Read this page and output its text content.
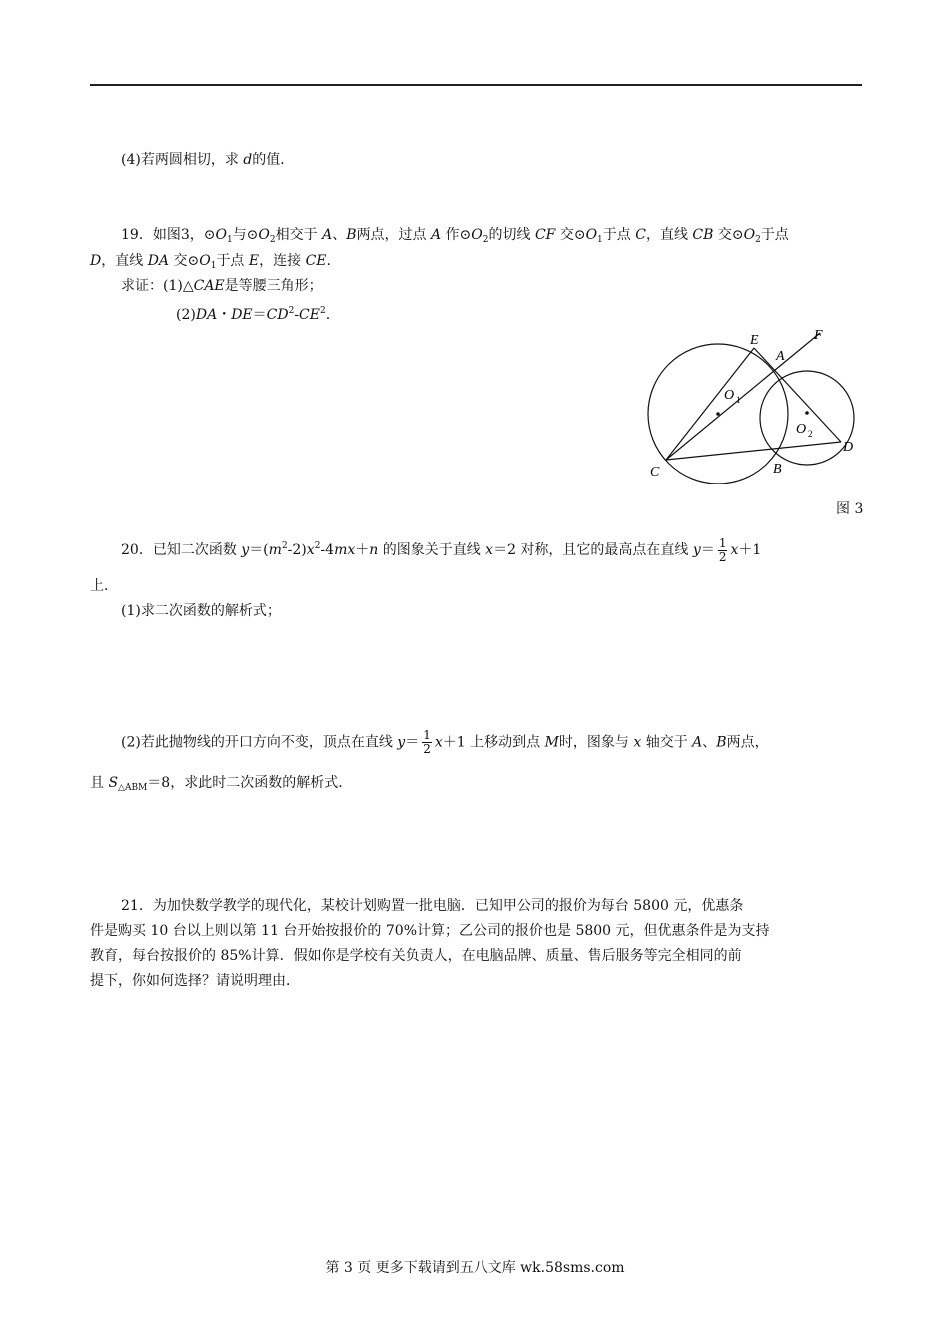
(4)若两圆相切，求 d的值．
19．如图3，$⊙O_1$与$⊙O_2$相交于 A、B两点，过点 A 作$⊙O_2$的切线 CF 交$⊙O_1$于点 C，直线 CB 交$⊙O_2$于点
D，直线 DA 交$⊙O_1$于点 E，连接 CE.
求证：(1)△CAE是等腰三角形；
(2)DA・$DE=CD^2-CE^2$.
E
A
F
O 1
O 2
C	B
D
图 3
20．已知二次函数 $y=(m^2-2)x^2-4mx+n$ 的图象关于直线 x＝2 对称，且它的最高点在直线 $y= \frac{1}{2} x+1$
上．
(1)求二次函数的解析式；
(2)若此抛物线的开口方向不变，顶点在直线 $y= \frac{1}{2} x+1$ 上移动到点 M时，图象与 x 轴交于 A、B两点，
且 $S_{\triangle ABM}=8$，求此时二次函数的解析式．
21．为加快数学教学的现代化，某校计划购置一批电脑．已知甲公司的报价为每台 5800 元，优惠条
件是购买 10 台以上则以第 11 台开始按报价的 70%计算；乙公司的报价也是 5800 元，但优惠条件是为支持
教育，每台按报价的 85%计算．假如你是学校有关负责人，在电脑品牌、质量、售后服务等完全相同的前
提下，你如何选择？请说明理由．
第 3 页 更多下载请到五八文库 wk.58sms.com
